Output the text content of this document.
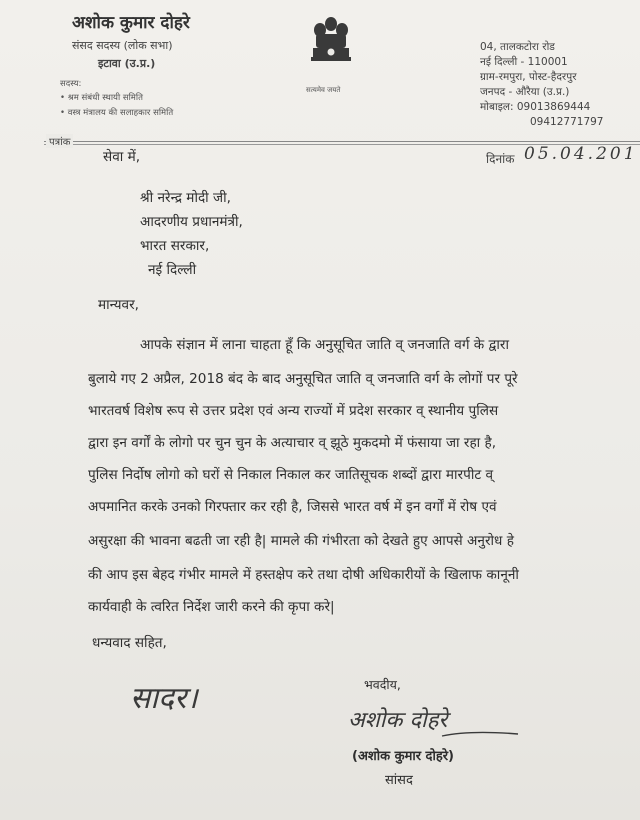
अशोक कुमार दोहरे
संसद सदस्य (लोक सभा)
इटावा (उ.प्र.)
सदस्य:
• श्रम संबंधी स्थायी समिति
• वस्त्र मंत्रालय की सलाहकार समिति
सत्यमेव जयते
04, तालकटोरा रोड
नई दिल्ली - 110001
ग्राम-रमपुरा, पोस्ट-हैदरपुर
जनपद - औरैया (उ.प्र.)
मोबाइल: 09013869444
09412771797
पत्रांक
सेवा में,	दिनांक 05.04.201
श्री नरेन्द्र मोदी जी,
आदरणीय प्रधानमंत्री,
भारत सरकार,
नई दिल्ली
मान्यवर,
आपके संज्ञान में लाना चाहता हूँ कि अनुसूचित जाति व् जनजाति वर्ग के द्वारा
बुलाये गए 2 अप्रैल, 2018 बंद के बाद अनुसूचित जाति व् जनजाति वर्ग के लोगों पर पूरे
भारतवर्ष विशेष रूप से उत्तर प्रदेश एवं अन्य राज्यों में प्रदेश सरकार व् स्थानीय पुलिस
द्वारा इन वर्गों के लोगो पर चुन चुन के अत्याचार व् झूठे मुकदमो में फंसाया जा रहा है,
पुलिस निर्दोष लोगो को घरों से निकाल निकाल कर जातिसूचक शब्दों द्वारा मारपीट व्
अपमानित करके उनको गिरफ्तार कर रही है, जिससे भारत वर्ष में इन वर्गों में रोष एवं
असुरक्षा की भावना बढती जा रही है| मामले की गंभीरता को देखते हुए आपसे अनुरोध हे
की आप इस बेहद गंभीर मामले में हस्तक्षेप करे तथा दोषी अधिकारीयों के खिलाफ कानूनी
कार्यवाही के त्वरित निर्देश जारी करने की कृपा करे|
धन्यवाद सहित,
सादर।	भवदीय,
अशोक दोहरे
(अशोक कुमार दोहरे)
सांसद
